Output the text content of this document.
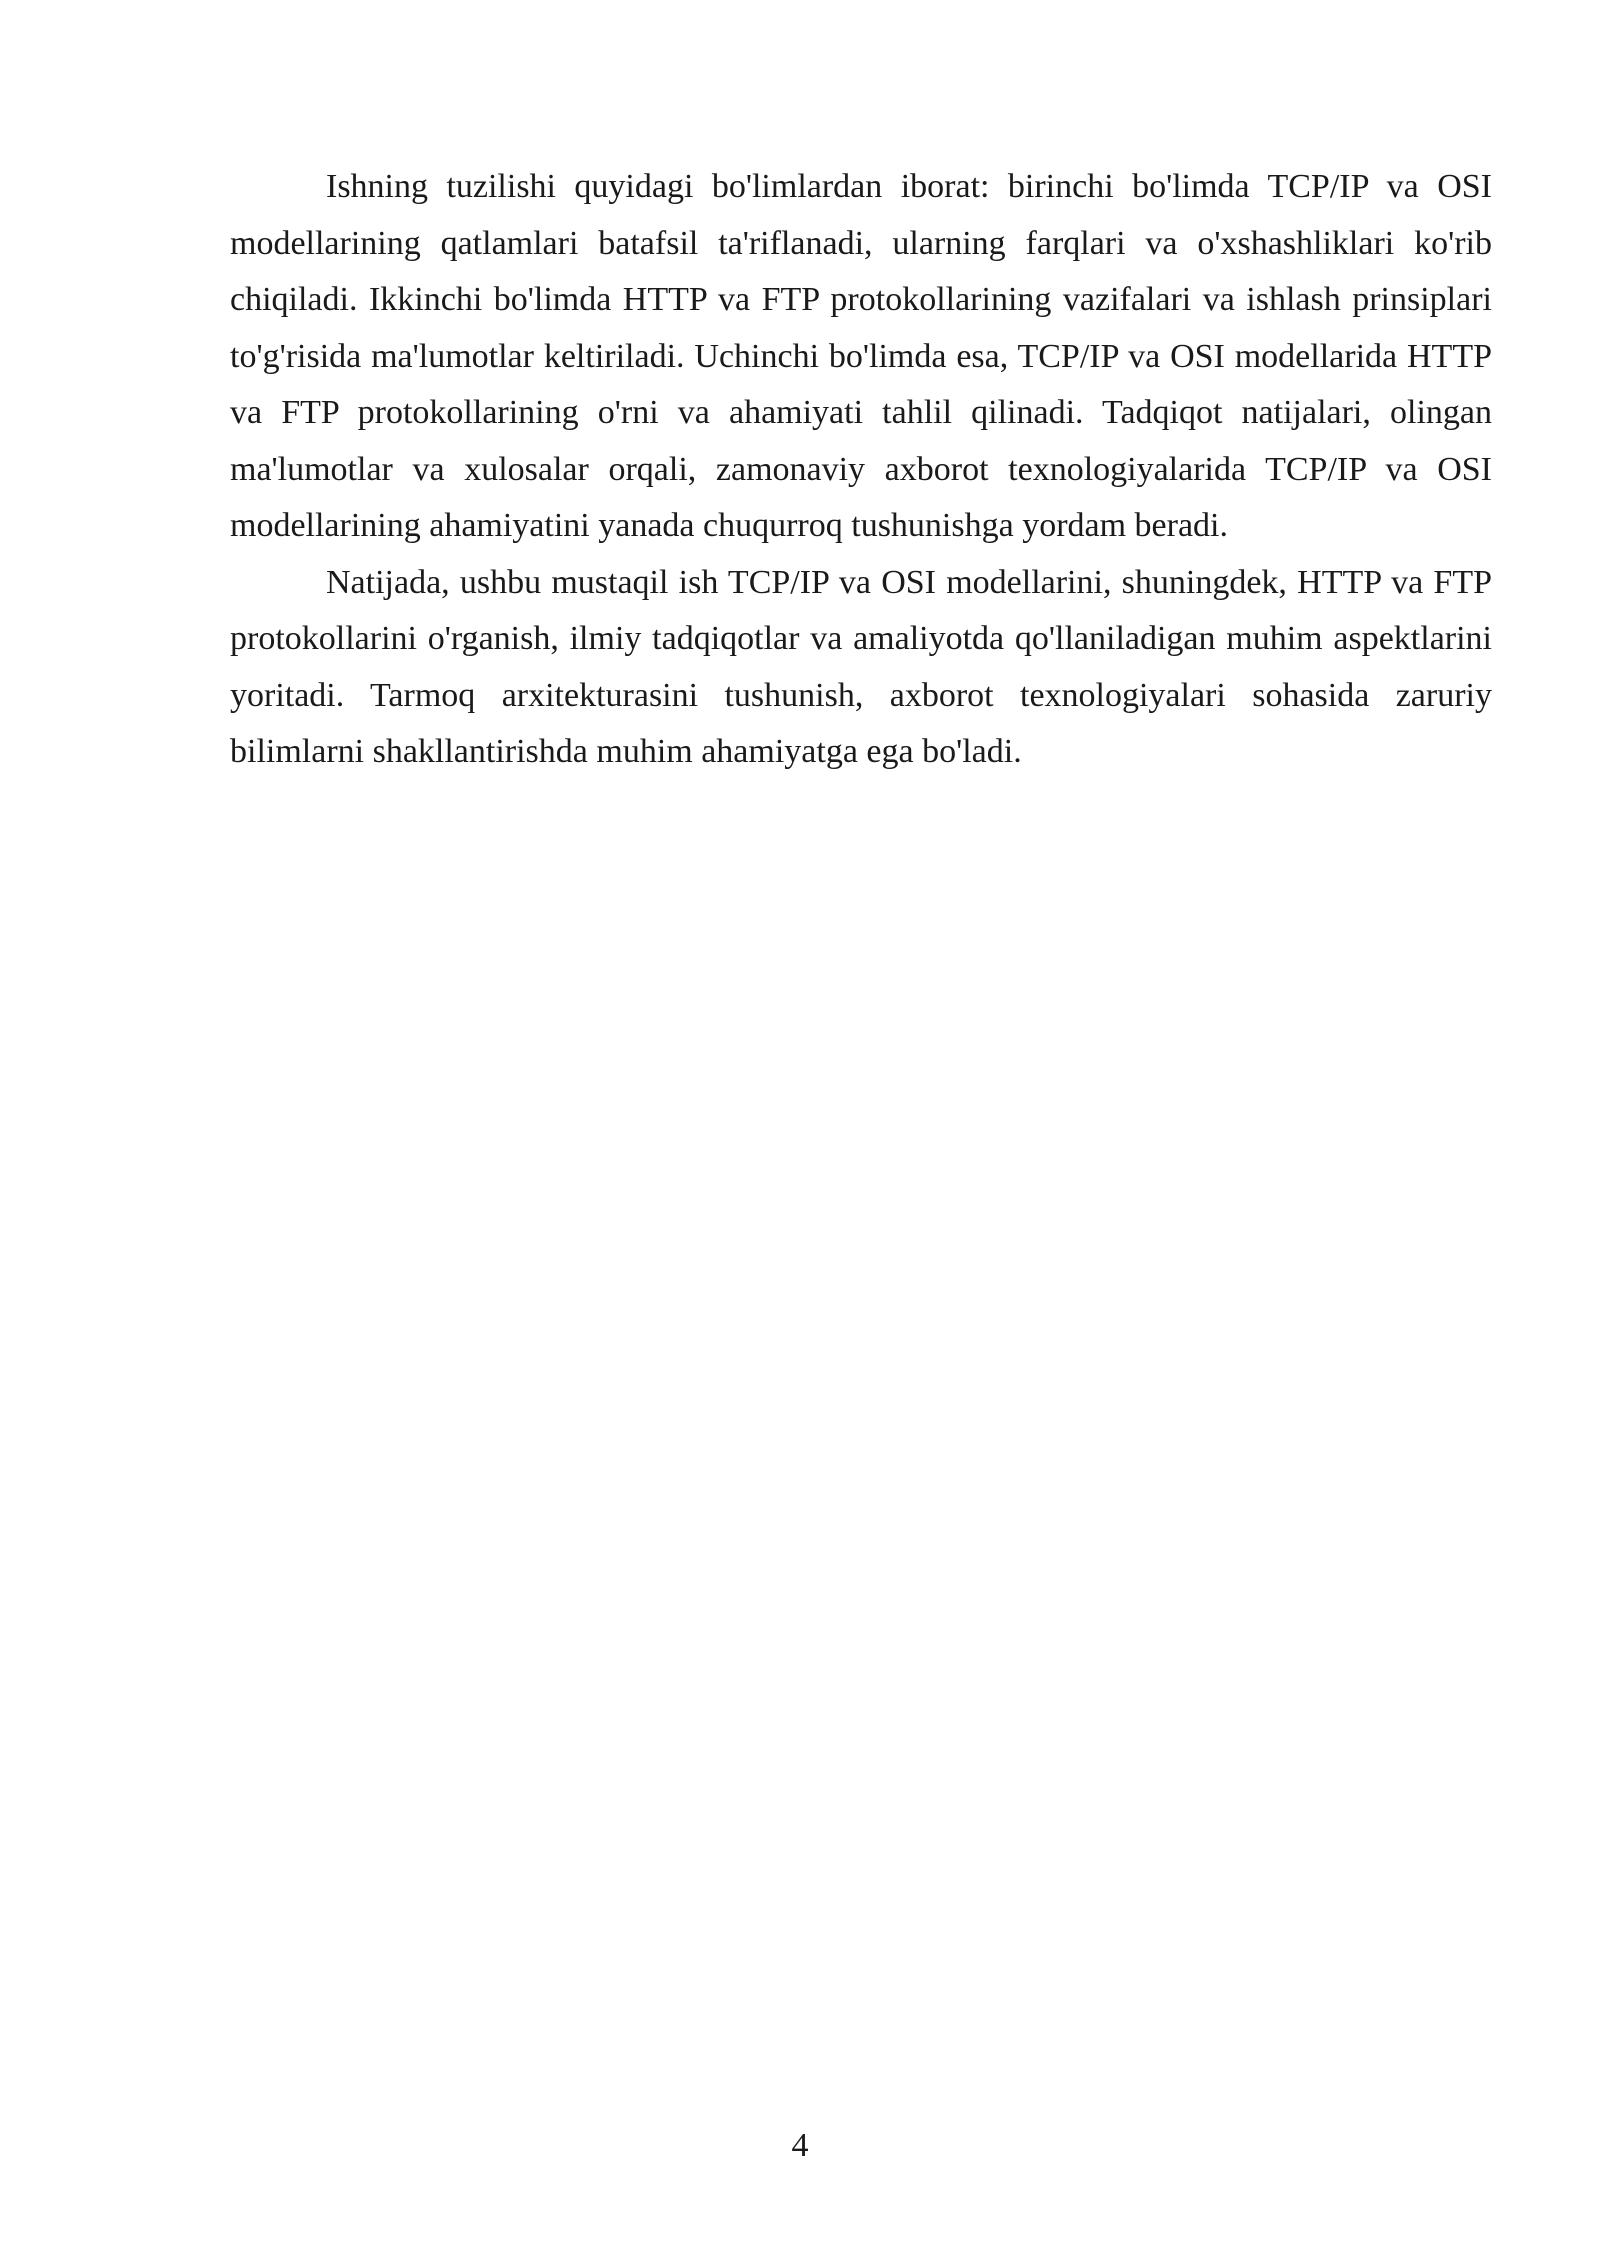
Ishning tuzilishi quyidagi bo'limlardan iborat: birinchi bo'limda TCP/IP va OSI modellarining qatlamlari batafsil ta'riflanadi, ularning farqlari va o'xshashliklari ko'rib chiqiladi. Ikkinchi bo'limda HTTP va FTP protokollarining vazifalari va ishlash prinsiplari to'g'risida ma'lumotlar keltiriladi. Uchinchi bo'limda esa, TCP/IP va OSI modellarida HTTP va FTP protokollarining o'rni va ahamiyati tahlil qilinadi. Tadqiqot natijalari, olingan ma'lumotlar va xulosalar orqali, zamonaviy axborot texnologiyalarida TCP/IP va OSI modellarining ahamiyatini yanada chuqurroq tushunishga yordam beradi.

Natijada, ushbu mustaqil ish TCP/IP va OSI modellarini, shuningdek, HTTP va FTP protokollarini o'rganish, ilmiy tadqiqotlar va amaliyotda qo'llaniladigan muhim aspektlarini yoritadi. Tarmoq arxitekturasini tushunish, axborot texnologiyalari sohasida zaruriy bilimlarni shakllantirishda muhim ahamiyatga ega bo'ladi.

4
